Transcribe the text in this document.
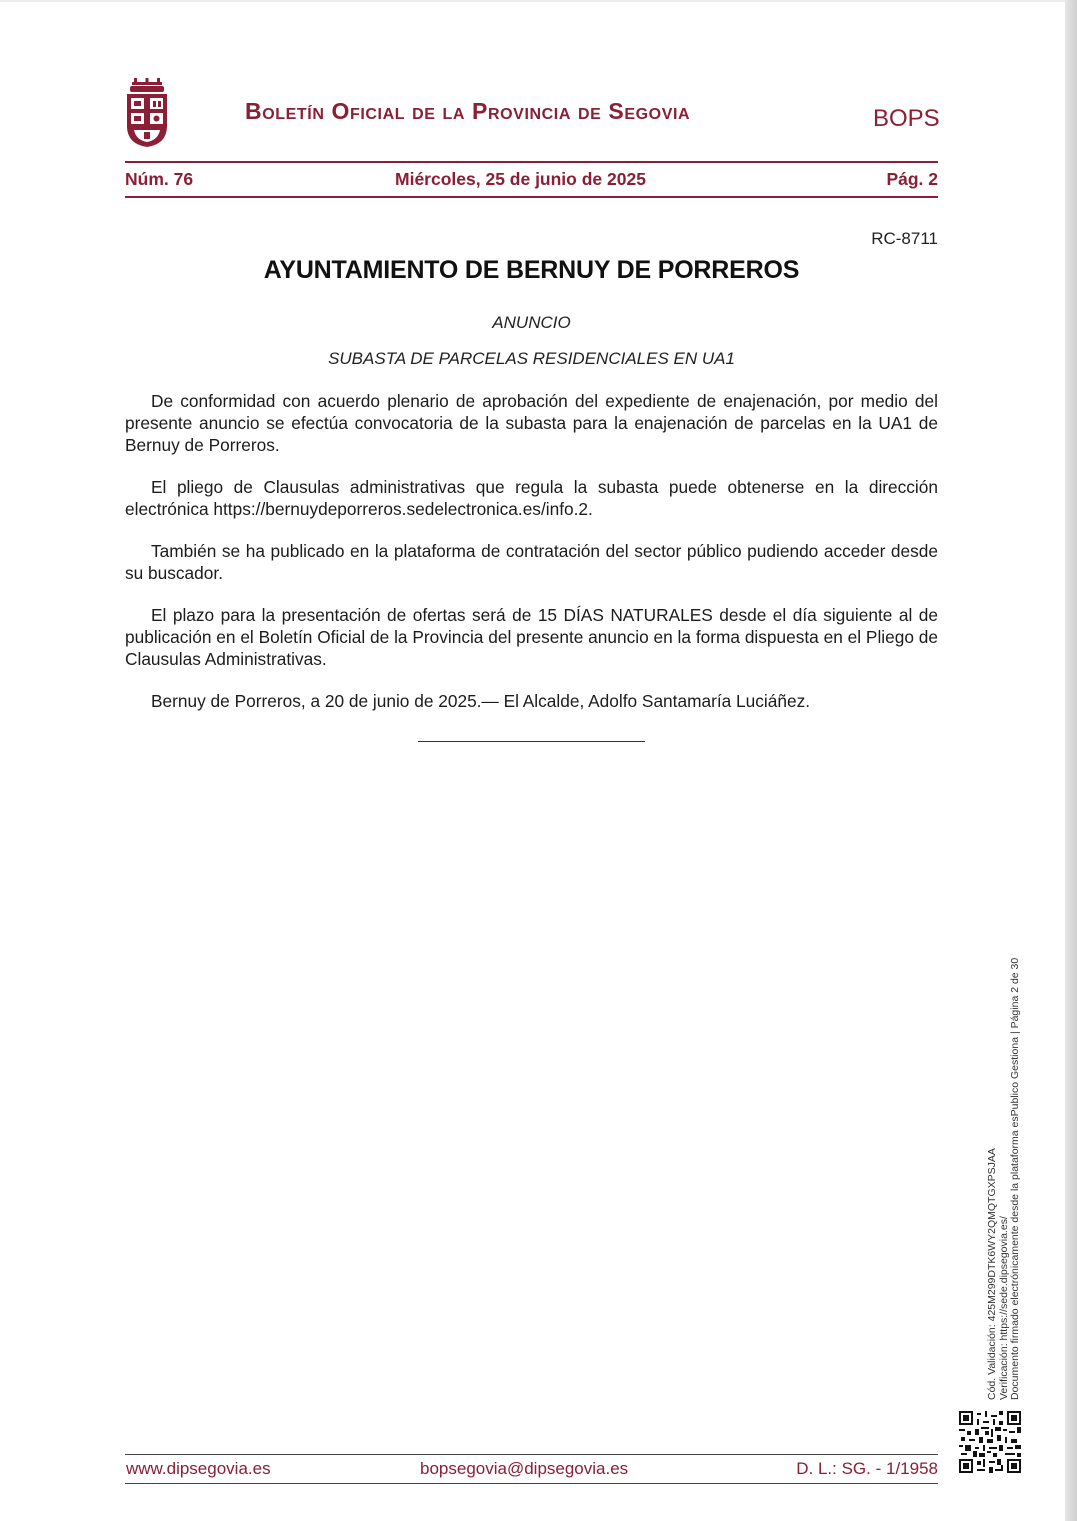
Boletín Oficial de la Provincia de Segovia	BOPS
Núm. 76	Miércoles, 25 de junio de 2025	Pág. 2
RC-8711
AYUNTAMIENTO DE BERNUY DE PORREROS
ANUNCIO
SUBASTA DE PARCELAS RESIDENCIALES EN UA1

De conformidad con acuerdo plenario de aprobación del expediente de enajenación, por medio del presente anuncio se efectúa convocatoria de la subasta para la enajenación de parcelas en la UA1 de Bernuy de Porreros.

El pliego de Clausulas administrativas que regula la subasta puede obtenerse en la dirección electrónica https://bernuydeporreros.sedelectronica.es/info.2.

También se ha publicado en la plataforma de contratación del sector público pudiendo acceder desde su buscador.

El plazo para la presentación de ofertas será de 15 DÍAS NATURALES desde el día siguiente al de publicación en el Boletín Oficial de la Provincia del presente anuncio en la forma dispuesta en el Pliego de Clausulas Administrativas.

Bernuy de Porreros, a 20 de junio de 2025.— El Alcalde, Adolfo Santamaría Luciáñez.

Cód. Validación: 425M299DTK6WY2QMQTGXPSJAA Verificación: https://sede.dipsegovia.es/ Documento firmado electrónicamente desde la plataforma esPublico Gestiona | Página 2 de 30
www.dipsegovia.es	bopsegovia@dipsegovia.es	D. L.: SG. - 1/1958
